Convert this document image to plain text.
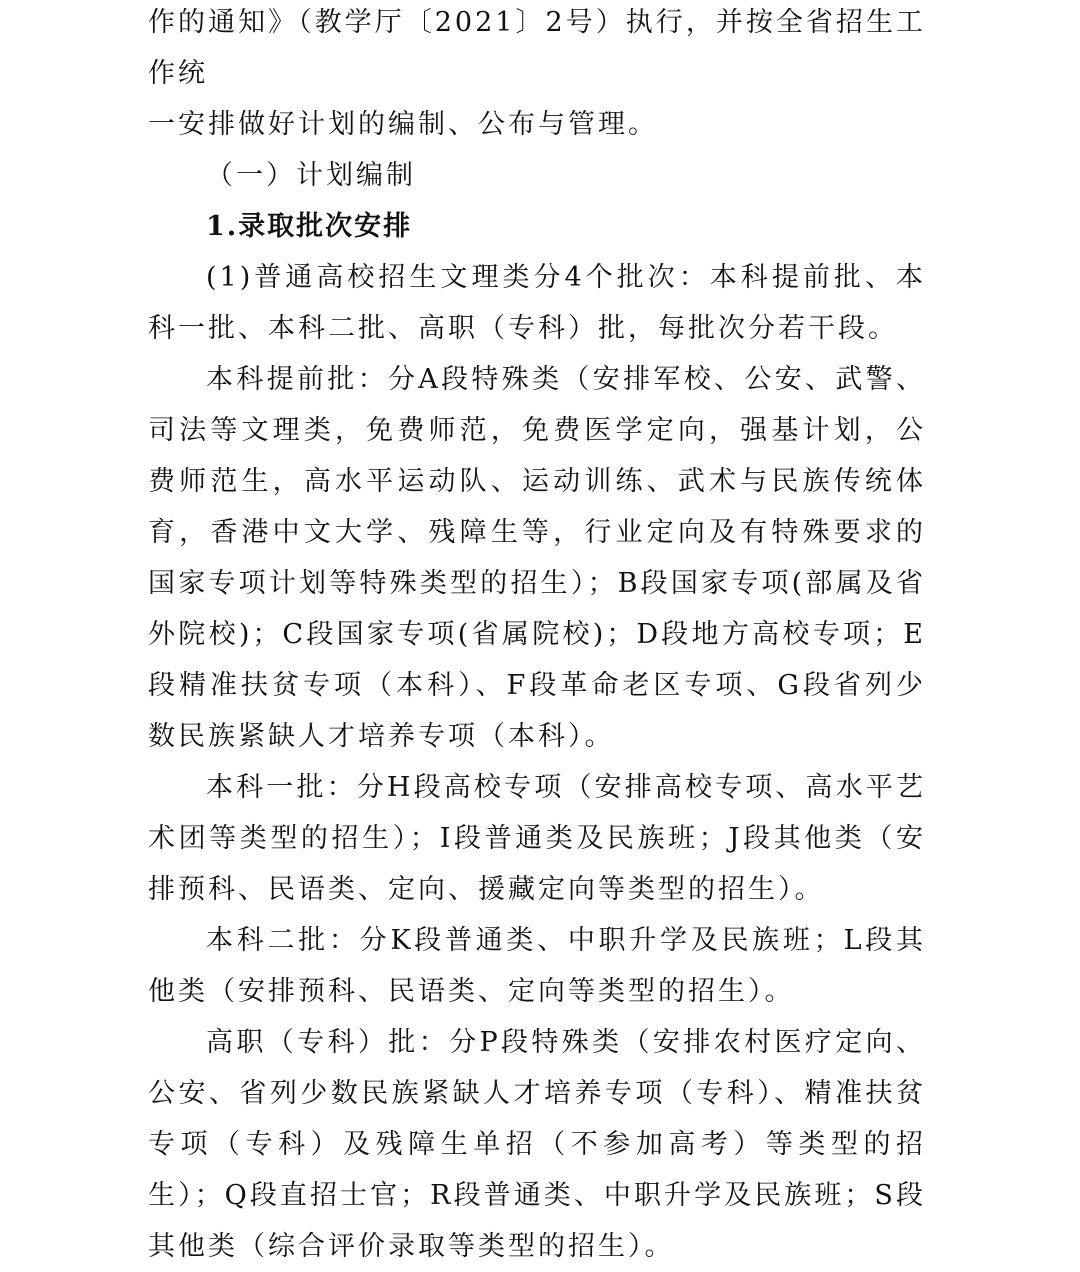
作的通知》（教学厅〔2021〕2号）执行，并按全省招生工作统

一安排做好计划的编制、公布与管理。

（一）计划编制
1.录取批次安排

(1)普通高校招生文理类分4个批次：本科提前批、本科一批、本科二批、高职（专科）批，每批次分若干段。

本科提前批：分A段特殊类（安排军校、公安、武警、司法等文理类，免费师范，免费医学定向，强基计划，公费师范生，高水平运动队、运动训练、武术与民族传统体育，香港中文大学、残障生等，行业定向及有特殊要求的国家专项计划等特殊类型的招生）；B段国家专项(部属及省外院校)；C段国家专项(省属院校)；D段地方高校专项；E段精准扶贫专项（本科）、F段革命老区专项、G段省列少数民族紧缺人才培养专项（本科）。

本科一批：分H段高校专项（安排高校专项、高水平艺术团等类型的招生）；I段普通类及民族班；J段其他类（安排预科、民语类、定向、援藏定向等类型的招生）。

本科二批：分K段普通类、中职升学及民族班；L段其他类（安排预科、民语类、定向等类型的招生）。

高职（专科）批：分P段特殊类（安排农村医疗定向、公安、省列少数民族紧缺人才培养专项（专科）、精准扶贫专项（专科）及残障生单招（不参加高考）等类型的招生）；Q段直招士官；R段普通类、中职升学及民族班；S段其他类（综合评价录取等类型的招生）。
